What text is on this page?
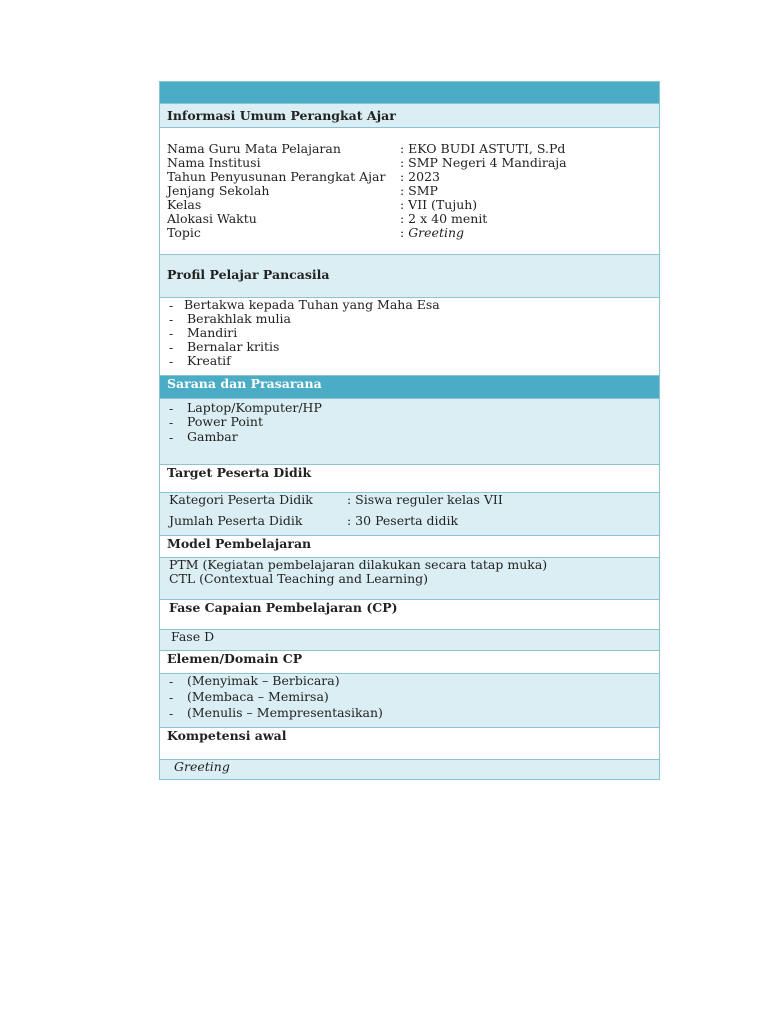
Informasi Umum Perangkat Ajar
Nama Guru Mata Pelajaran	: EKO BUDI ASTUTI, S.Pd
Nama Institusi	: SMP Negeri 4 Mandiraja
Tahun Penyusunan Perangkat Ajar : 2023
Jenjang Sekolah	: SMP
Kelas	: VII (Tujuh)
Alokasi Waktu	: 2 x 40 menit
Topic	: Greeting
Profil Pelajar Pancasila
- Bertakwa kepada Tuhan yang Maha Esa
- Berakhlak mulia
- Mandiri
- Bernalar kritis
- Kreatif
Sarana dan Prasarana
- Laptop/Komputer/HP
- Power Point
- Gambar
Target Peserta Didik
Kategori Peserta Didik	: Siswa reguler kelas VII
Jumlah Peserta Didik	: 30 Peserta didik
Model Pembelajaran
PTM (Kegiatan pembelajaran dilakukan secara tatap muka)
CTL (Contextual Teaching and Learning)
Fase Capaian Pembelajaran (CP)
Fase D
Elemen/Domain CP
- (Menyimak – Berbicara)
- (Membaca – Memirsa)
- (Menulis – Mempresentasikan)
Kompetensi awal
Greeting
